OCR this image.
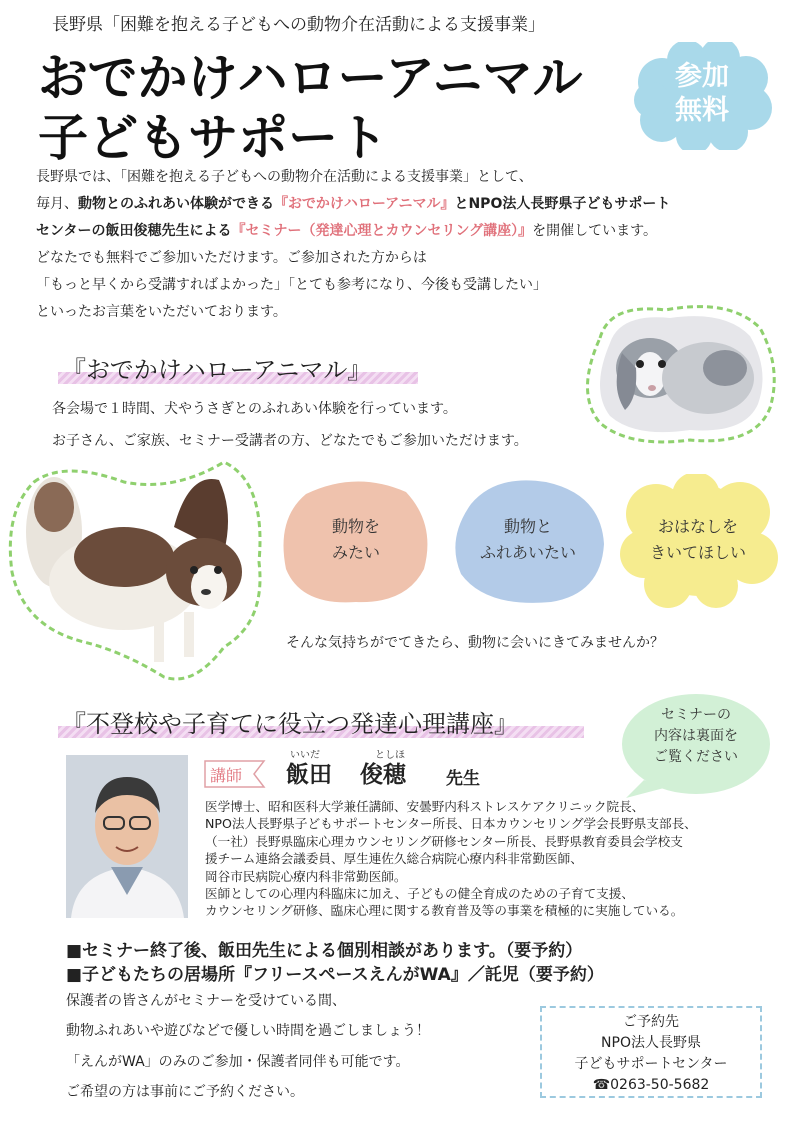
長野県「困難を抱える子どもへの動物介在活動による支援事業」
おでかけハローアニマル
子どもサポート
参加
無料

長野県では、「困難を抱える子どもへの動物介在活動による支援事業」として、

毎月、動物とのふれあい体験ができる『おでかけハローアニマル』とNPO法人長野県子どもサポート

センターの飯田俊穂先生による『セミナー（発達心理とカウンセリング講座）』を開催しています。

どなたでも無料でご参加いただけます。ご参加された方からは

「もっと早くから受講すればよかった」「とても参考になり、今後も受講したい」

といったお言葉をいただいております。

『おでかけハローアニマル』
各会場で１時間、犬やうさぎとのふれあい体験を行っています。
お子さん、ご家族、セミナー受講者の方、どなたでもご参加いただけます。
動物を
みたい
動物と
ふれあいたい
おはなしを
きいてほしい
そんな気持ちがでてきたら、動物に会いにきてみませんか？
『不登校や子育てに役立つ発達心理講座』	セミナーの
内容は裏面を
ご覧ください
講師
いいだ	としほ
飯田 俊穂 先生

医学博士、昭和医科大学兼任講師、安曇野内科ストレスケアクリニック院長、

NPO法人長野県子どもサポートセンター所長、日本カウンセリング学会長野県支部長、

（一社）長野県臨床心理カウンセリング研修センター所長、長野県教育委員会学校支

援チーム連絡会議委員、厚生連佐久総合病院心療内科非常勤医師、

岡谷市民病院心療内科非常勤医師。

医師としての心理内科臨床に加え、子どもの健全育成のための子育て支援、

カウンセリング研修、臨床心理に関する教育普及等の事業を積極的に実施している。

■セミナー終了後、飯田先生による個別相談があります。（要予約）
■子どもたちの居場所『フリースペースえんがWA』／託児（要予約）
保護者の皆さんがセミナーを受けている間、
動物ふれあいや遊びなどで優しい時間を過ごしましょう！
「えんがWA」のみのご参加・保護者同伴も可能です。
ご希望の方は事前にご予約ください。
ご予約先
NPO法人長野県
子どもサポートセンター
☎0263-50-5682
